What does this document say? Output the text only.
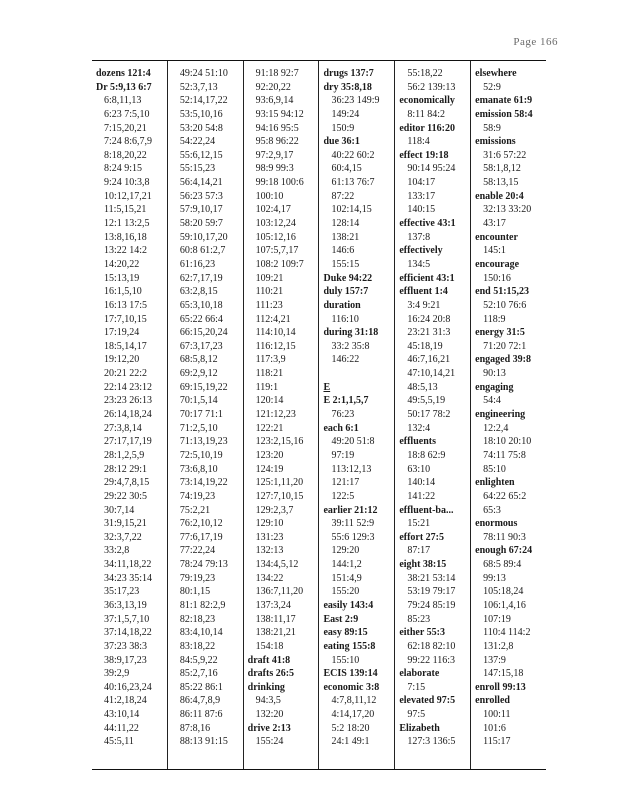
Page 166
dozens 121:4
Dr 5:9,13 6:7
6:8,11,13
6:23 7:5,10
7:15,20,21
7:24 8:6,7,9
8:18,20,22
8:24 9:15
9:24 10:3,8
10:12,17,21
11:5,15,21
12:1 13:2,5
13:8,16,18
13:22 14:2
14:20,22
15:13,19
16:1,5,10
16:13 17:5
17:7,10,15
17:19,24
18:5,14,17
19:12,20
20:21 22:2
22:14 23:12
23:23 26:13
26:14,18,24
27:3,8,14
27:17,17,19
28:1,2,5,9
28:12 29:1
29:4,7,8,15
29:22 30:5
30:7,14
31:9,15,21
32:3,7,22
33:2,8
34:11,18,22
34:23 35:14
35:17,23
36:3,13,19
37:1,5,7,10
37:14,18,22
37:23 38:3
38:9,17,23
39:2,9
40:16,23,24
41:2,18,24
43:10,14
44:11,22
45:5,11
49:24 51:10
52:3,7,13
52:14,17,22
53:5,10,16
53:20 54:8
54:22,24
55:6,12,15
55:15,23
56:4,14,21
56:23 57:3
57:9,10,17
58:20 59:7
59:10,17,20
60:8 61:2,7
61:16,23
62:7,17,19
63:2,8,15
65:3,10,18
65:22 66:4
66:15,20,24
67:3,17,23
68:5,8,12
69:2,9,12
69:15,19,22
70:1,5,14
70:17 71:1
71:2,5,10
71:13,19,23
72:5,10,19
73:6,8,10
73:14,19,22
74:19,23
75:2,21
76:2,10,12
77:6,17,19
77:22,24
78:24 79:13
79:19,23
80:1,15
81:1 82:2,9
82:18,23
83:4,10,14
83:18,22
84:5,9,22
85:2,7,16
85:22 86:1
86:4,7,8,9
86:11 87:6
87:8,16
88:13 91:15
91:18 92:7
92:20,22
93:6,9,14
93:15 94:12
94:16 95:5
95:8 96:22
97:2,9,17
98:9 99:3
99:18 100:6
100:10
102:4,17
103:12,24
105:12,16
107:5,7,17
108:2 109:7
109:21
110:21
111:23
112:4,21
114:10,14
116:12,15
117:3,9
118:21
119:1
120:14
121:12,23
122:21
123:2,15,16
123:20
124:19
125:1,11,20
127:7,10,15
129:2,3,7
129:10
131:23
132:13
134:4,5,12
134:22
136:7,11,20
137:3,24
138:11,17
138:21,21
154:18
draft 41:8
drafts 26:5
drinking
94:3,5
132:20
drive 2:13
155:24
drugs 137:7
dry 35:8,18
36:23 149:9
149:24
150:9
due 36:1
40:22 60:2
60:4,15
61:13 76:7
87:22
102:14,15
128:14
138:21
146:6
155:15
Duke 94:22
duly 157:7
duration
116:10
during 31:18
33:2 35:8
146:22
E
E 2:1,1,5,7
76:23
each 6:1
49:20 51:8
97:19
113:12,13
121:17
122:5
earlier 21:12
39:11 52:9
55:6 129:3
129:20
144:1,2
151:4,9
155:20
easily 143:4
East 2:9
easy 89:15
eating 155:8
155:10
ECIS 139:14
economic 3:8
4:7,8,11,12
4:14,17,20
5:2 18:20
24:1 49:1
55:18,22
56:2 139:13
economically
8:11 84:2
editor 116:20
118:4
effect 19:18
90:14 95:24
104:17
133:17
140:15
effective 43:1
137:8
effectively
134:5
efficient 43:1
effluent 1:4
3:4 9:21
16:24 20:8
23:21 31:3
45:18,19
46:7,16,21
47:10,14,21
48:5,13
49:5,5,19
50:17 78:2
132:4
effluents
18:8 62:9
63:10
140:14
141:22
effluent-ba...
15:21
effort 27:5
87:17
eight 38:15
38:21 53:14
53:19 79:17
79:24 85:19
85:23
either 55:3
62:18 82:10
99:22 116:3
elaborate
7:15
elevated 97:5
97:5
Elizabeth
127:3 136:5
elsewhere
52:9
emanate 61:9
emission 58:4
58:9
emissions
31:6 57:22
58:1,8,12
58:13,15
enable 20:4
32:13 33:20
43:17
encounter
145:1
encourage
150:16
end 51:15,23
52:10 76:6
118:9
energy 31:5
71:20 72:1
engaged 39:8
90:13
engaging
54:4
engineering
12:2,4
18:10 20:10
74:11 75:8
85:10
enlighten
64:22 65:2
65:3
enormous
78:11 90:3
enough 67:24
68:5 89:4
99:13
105:18,24
106:1,4,16
107:19
110:4 114:2
131:2,8
137:9
147:15,18
enroll 99:13
enrolled
100:11
101:6
115:17
